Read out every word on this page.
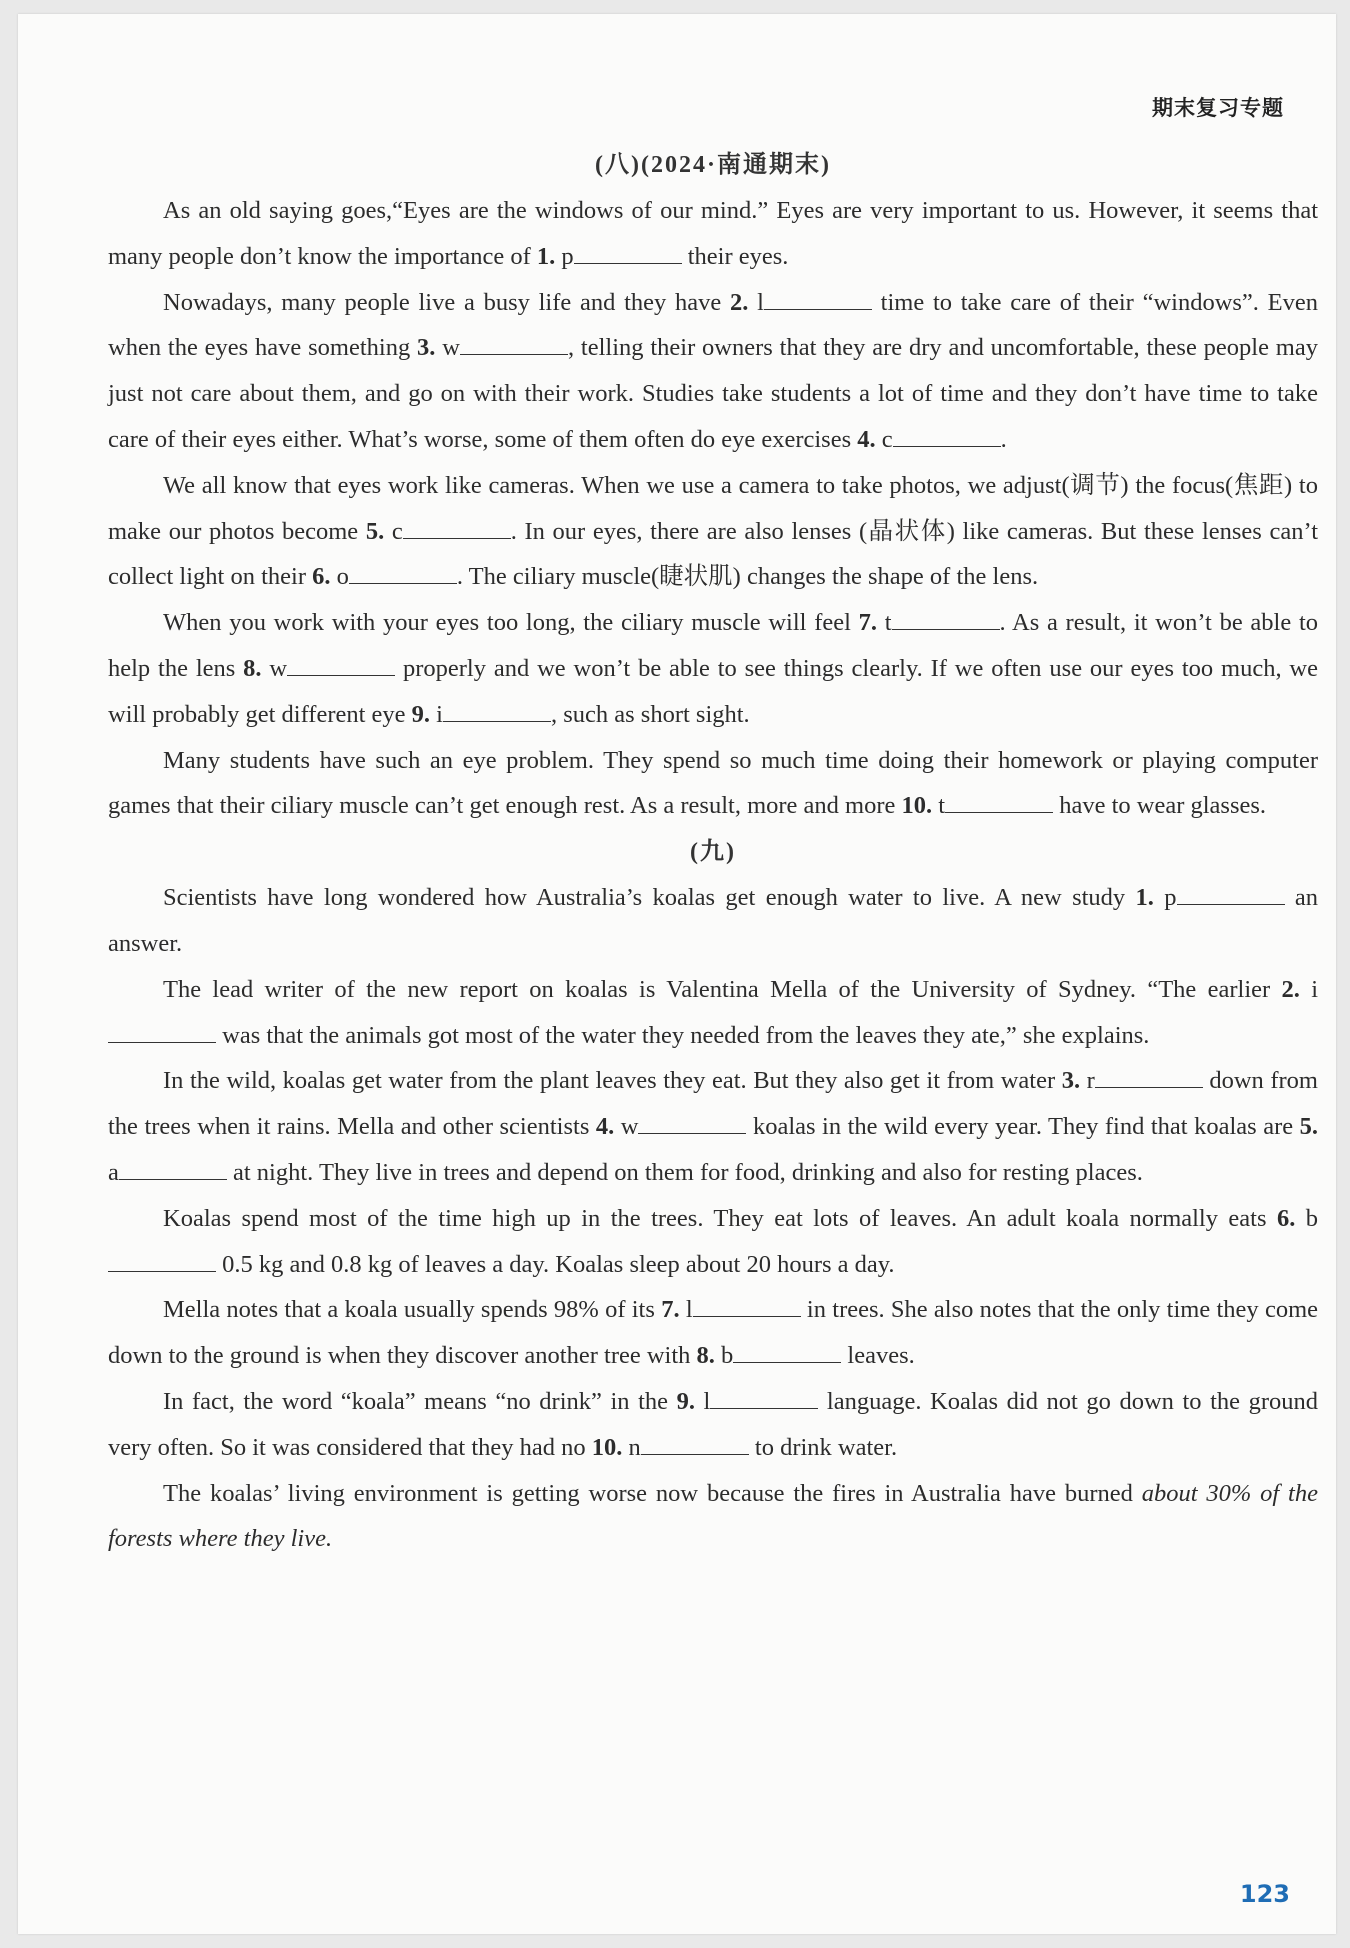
期末复习专题
(八)(2024·南通期末)

As an old saying goes,“Eyes are the windows of our mind.” Eyes are very important to us. However, it seems that many people don’t know the importance of 1. p	their eyes.

Nowadays, many people live a busy life and they have 2. l	time to take care of their “windows”. Even when the eyes have something 3. w	, telling their owners that they are dry and uncomfortable, these people may just not care about them, and go on with their work. Studies take students a lot of time and they don’t have time to take care of their eyes either. What’s worse, some of them often do eye exercises 4. c	.

We all know that eyes work like cameras. When we use a camera to take photos, we adjust(调节) the focus(焦距) to make our photos become 5. c	. In our eyes, there are also lenses (晶状体) like cameras. But these lenses can’t collect light on their 6. o	. The ciliary muscle(睫状肌) changes the shape of the lens.

When you work with your eyes too long, the ciliary muscle will feel 7. t	. As a result, it won’t be able to help the lens 8. w	properly and we won’t be able to see things clearly. If we often use our eyes too much, we will probably get different eye 9. i	, such as short sight.

Many students have such an eye problem. They spend so much time doing their homework or playing computer games that their ciliary muscle can’t get enough rest. As a result, more and more 10. t	have to wear glasses.

(九)

Scientists have long wondered how Australia’s koalas get enough water to live. A new study 1. p	an answer.

The lead writer of the new report on koalas is Valentina Mella of the University of Sydney. “The earlier 2. i was that the animals got most of the water they needed from the leaves they ate,” she explains.

In the wild, koalas get water from the plant leaves they eat. But they also get it from water 3. r	down from the trees when it rains. Mella and other scientists 4. w	koalas in the wild every year. They find that koalas are 5. a	at night. They live in trees and depend on them for food, drinking and also for resting places.

Koalas spend most of the time high up in the trees. They eat lots of leaves. An adult koala normally eats 6. b 0.5 kg and 0.8 kg of leaves a day. Koalas sleep about 20 hours a day.

Mella notes that a koala usually spends 98% of its 7. l	in trees. She also notes that the only time they come down to the ground is when they discover another tree with 8. b	leaves.

In fact, the word “koala” means “no drink” in the 9. l	language. Koalas did not go down to the ground very often. So it was considered that they had no 10. n	to drink water.

The koalas’ living environment is getting worse now because the fires in Australia have burned about 30% of the forests where they live.

123
